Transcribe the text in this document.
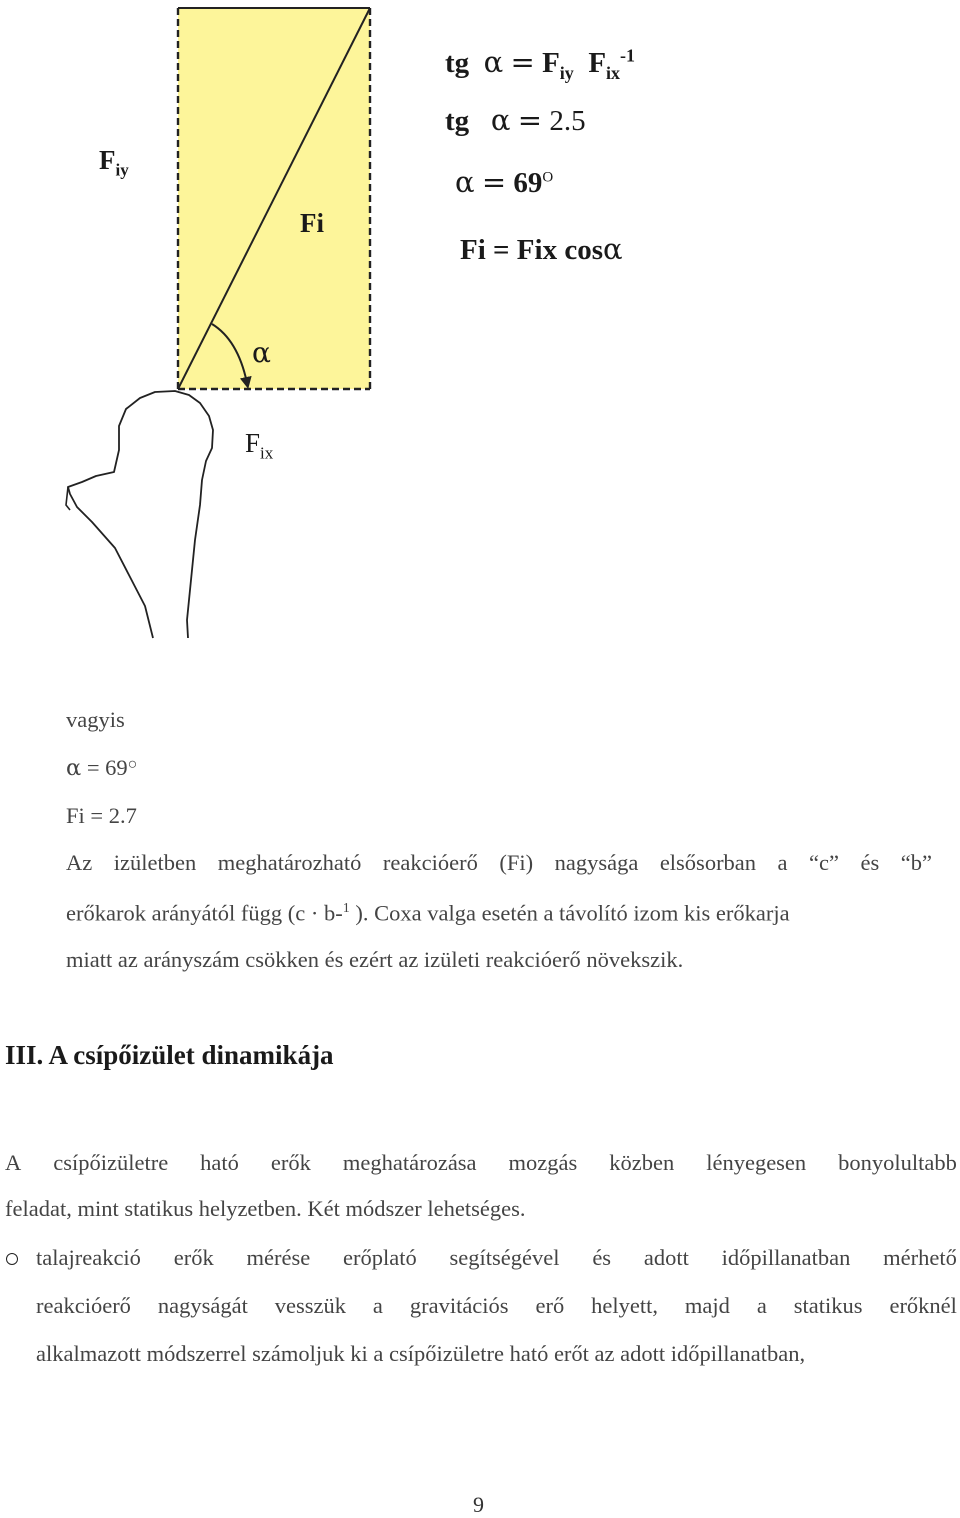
$F_{iy}$
Fi
α
$F_{ix}$
tg $\alpha = F_{iy}$ $F_{ix}^{-1}$
tg α = 2.5
$\alpha = 69^O$
Fi = Fix cosα
vagyis
α = 69○
Fi = 2.7
Az izületben meghatározható reakcióerő (Fi) nagysága elsősorban a “c” és “b”
erőkarok arányától függ (c · b-$^1$ ). Coxa valga esetén a távolító izom kis erőkarja
miatt az arányszám csökken és ezért az izületi reakcióerő növekszik.
III. A csípőizület dinamikája
A csípőizületre ható erők meghatározása mozgás közben lényegesen bonyolultabb
feladat, mint statikus helyzetben. Két módszer lehetséges.
talajreakció erők mérése erőplató segítségével és adott időpillanatban mérhető
reakcióerő nagyságát vesszük a gravitációs erő helyett, majd a statikus erőknél
alkalmazott módszerrel számoljuk ki a csípőizületre ható erőt az adott időpillanatban,
9
